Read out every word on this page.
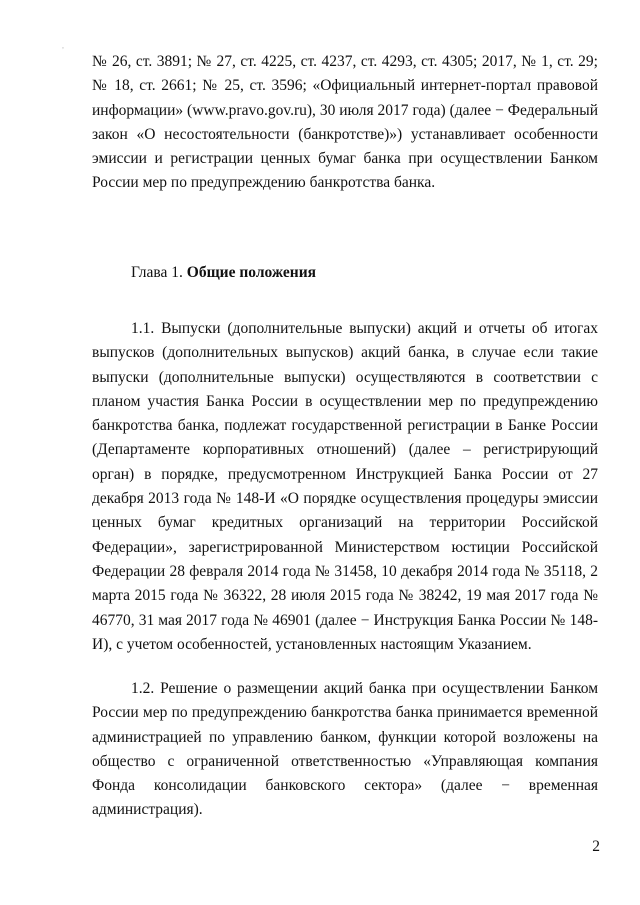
,

№ 26, ст. 3891; № 27, ст. 4225, ст. 4237, ст. 4293, ст. 4305; 2017, № 1, ст. 29; № 18, ст. 2661; № 25, ст. 3596; «Официальный интернет-портал правовой информации» (www.pravo.gov.ru), 30 июля 2017 года) (далее − Федеральный закон «О несостоятельности (банкротстве)») устанавливает особенности эмиссии и регистрации ценных бумаг банка при осуществлении Банком России мер по предупреждению банкротства банка.

Глава 1. Общие положения

1.1. Выпуски (дополнительные выпуски) акций и отчеты об итогах выпусков (дополнительных выпусков) акций банка, в случае если такие выпуски (дополнительные выпуски) осуществляются в соответствии с планом участия Банка России в осуществлении мер по предупреждению банкротства банка, подлежат государственной регистрации в Банке России (Департаменте корпоративных отношений) (далее – регистрирующий орган) в порядке, предусмотренном Инструкцией Банка России от 27 декабря 2013 года № 148-И «О порядке осуществления процедуры эмиссии ценных бумаг кредитных организаций на территории Российской Федерации», зарегистрированной Министерством юстиции Российской Федерации 28 февраля 2014 года № 31458, 10 декабря 2014 года № 35118, 2 марта 2015 года № 36322, 28 июля 2015 года № 38242, 19 мая 2017 года № 46770, 31 мая 2017 года № 46901 (далее − Инструкция Банка России № 148-И), с учетом особенностей, установленных настоящим Указанием.

1.2. Решение о размещении акций банка при осуществлении Банком России мер по предупреждению банкротства банка принимается временной администрацией по управлению банком, функции которой возложены на общество с ограниченной ответственностью «Управляющая компания Фонда консолидации банковского сектора» (далее − временная администрация).

2
